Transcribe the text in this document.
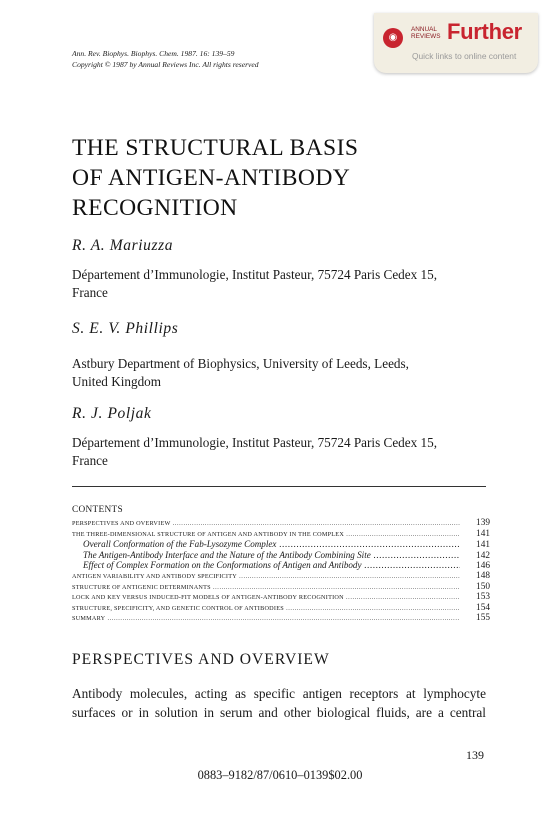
Ann. Rev. Biophys. Biophys. Chem. 1987. 16: 139–59
Copyright © 1987 by Annual Reviews Inc. All rights reserved
◉
ANNUAL
REVIEWS Further
Quick links to online content
THE STRUCTURAL BASIS
OF ANTIGEN-ANTIBODY
RECOGNITION
R. A. Mariuzza
Département d’Immunologie, Institut Pasteur, 75724 Paris Cedex 15,
France
S. E. V. Phillips
Astbury Department of Biophysics, University of Leeds, Leeds,
United Kingdom
R. J. Poljak
Département d’Immunologie, Institut Pasteur, 75724 Paris Cedex 15,
France
CONTENTS
PERSPECTIVES AND OVERVIEW .....	139
THE THREE-DIMENSIONAL STRUCTURE OF ANTIGEN AND ANTIBODY IN THE COMPLEX .....	141
Overall Conformation of the Fab-Lysozyme Complex .....	141
The Antigen-Antibody Interface and the Nature of the Antibody Combining Site .....	142
Effect of Complex Formation on the Conformations of Antigen and Antibody .....	146
ANTIGEN VARIABILITY AND ANTIBODY SPECIFICITY .....	148
STRUCTURE OF ANTIGENIC DETERMINANTS .....	150
LOCK AND KEY VERSUS INDUCED-FIT MODELS OF ANTIGEN-ANTIBODY RECOGNITION .....	153
STRUCTURE, SPECIFICITY, AND GENETIC CONTROL OF ANTIBODIES .....	154
SUMMARY .....	155
PERSPECTIVES AND OVERVIEW
Antibody molecules, acting as specific antigen receptors at lymphocyte
surfaces or in solution in serum and other biological fluids, are a central
139
0883–9182/87/0610–0139$02.00
